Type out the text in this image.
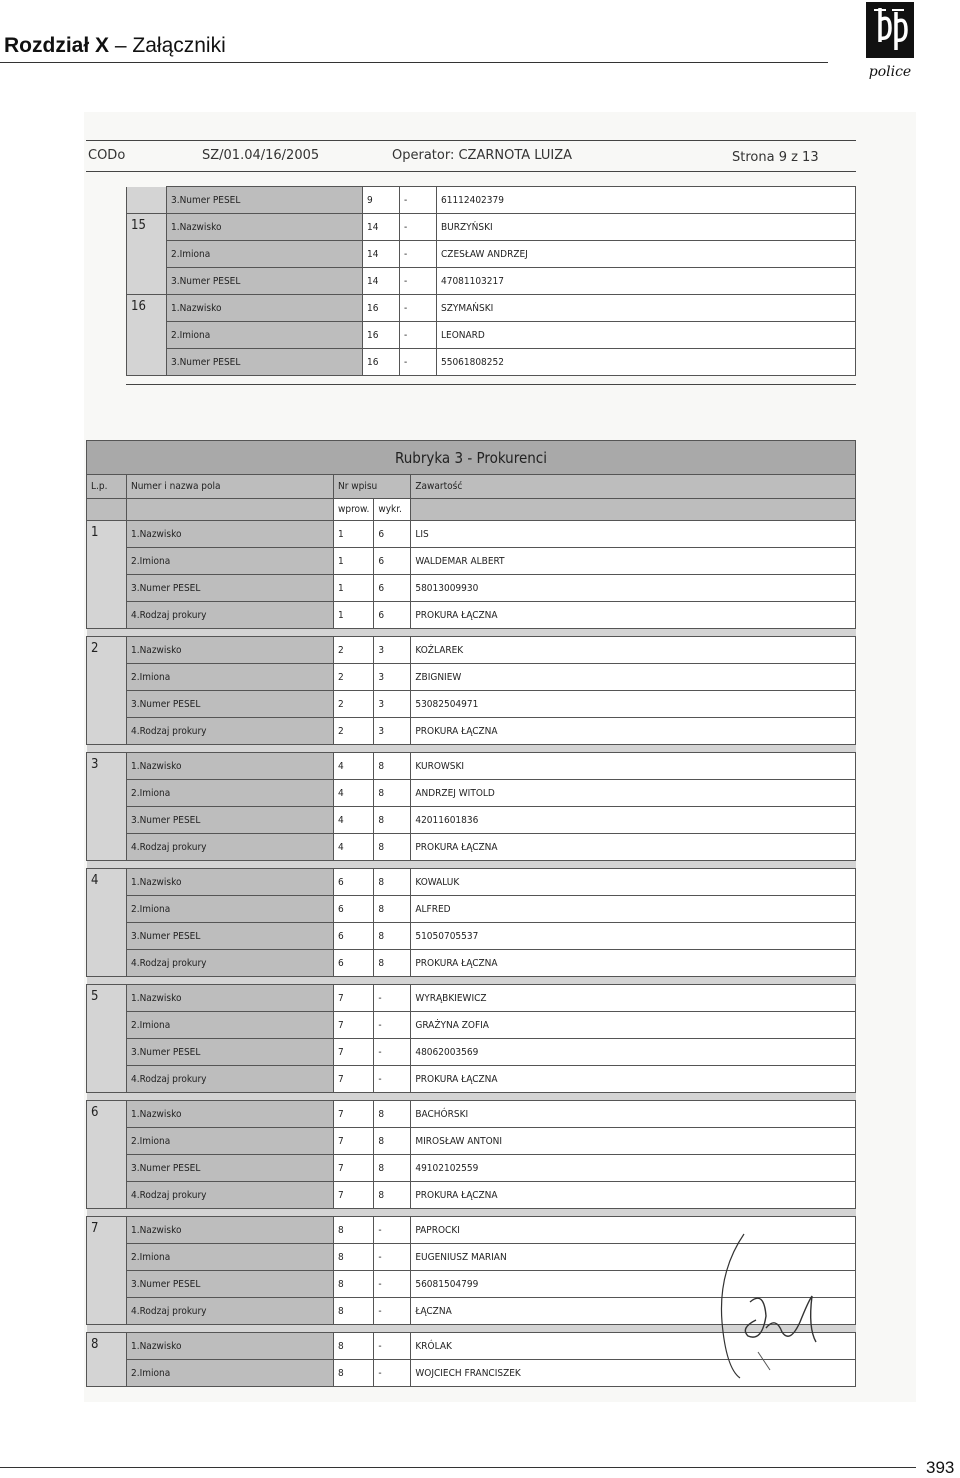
Rozdział X – Załączniki
police
CODo	SZ/01.04/16/2005	Operator: CZARNOTA LUIZA	Strona 9 z 13
	3.Numer PESEL	9	-	61112402379
15	1.Nazwisko	14	-	BURZYŃSKI
	2.Imiona	14	-	CZESŁAW ANDRZEJ
	3.Numer PESEL	14	-	47081103217
16	1.Nazwisko	16	-	SZYMAŃSKI
	2.Imiona	16	-	LEONARD
	3.Numer PESEL	16	-	55061808252
Rubryka 3 - Prokurenci				

L.p.	Numer i nazwa pola	Nr wpisu		Zawartość
		wprow.	wykr.	
1	1.Nazwisko	1	6	LIS
	2.Imiona	1	6	WALDEMAR ALBERT
	3.Numer PESEL	1	6	58013009930
	4.Rodzaj prokury	1	6	PROKURA ŁĄCZNA

2	1.Nazwisko	2	3	KOŹLAREK
	2.Imiona	2	3	ZBIGNIEW
	3.Numer PESEL	2	3	53082504971
	4.Rodzaj prokury	2	3	PROKURA ŁĄCZNA

3	1.Nazwisko	4	8	KUROWSKI
	2.Imiona	4	8	ANDRZEJ WITOLD
	3.Numer PESEL	4	8	42011601836
	4.Rodzaj prokury	4	8	PROKURA ŁĄCZNA

4	1.Nazwisko	6	8	KOWALUK
	2.Imiona	6	8	ALFRED
	3.Numer PESEL	6	8	51050705537
	4.Rodzaj prokury	6	8	PROKURA ŁĄCZNA

5	1.Nazwisko	7	-	WYRĄBKIEWICZ
	2.Imiona	7	-	GRAŻYNA ZOFIA
	3.Numer PESEL	7	-	48062003569
	4.Rodzaj prokury	7	-	PROKURA ŁĄCZNA

6	1.Nazwisko	7	8	BACHÓRSKI
	2.Imiona	7	8	MIROSŁAW ANTONI
	3.Numer PESEL	7	8	49102102559
	4.Rodzaj prokury	7	8	PROKURA ŁĄCZNA

7	1.Nazwisko	8	-	PAPROCKI
	2.Imiona	8	-	EUGENIUSZ MARIAN
	3.Numer PESEL	8	-	56081504799
	4.Rodzaj prokury	8	-	ŁĄCZNA

8	1.Nazwisko	8	-	KRÓLAK
	2.Imiona	8	-	WOJCIECH FRANCISZEK
393
